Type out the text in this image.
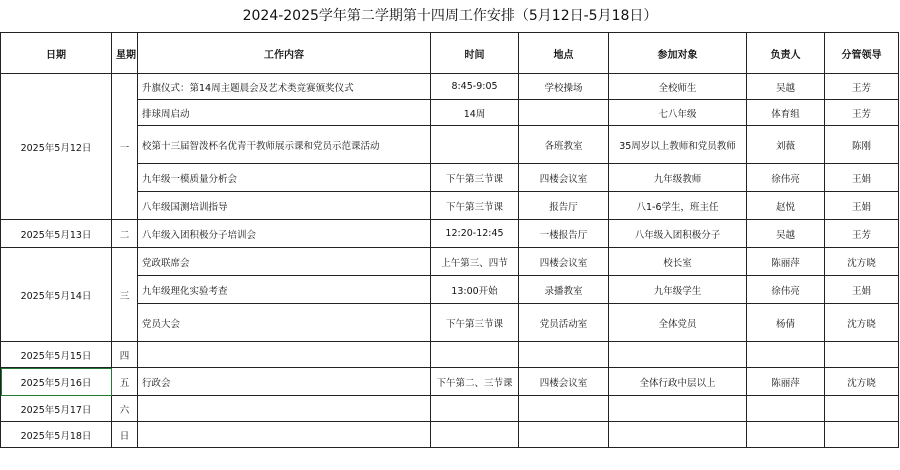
2024-2025学年第二学期第十四周工作安排（5月12日-5月18日）
日期	星期	工作内容	时间	地点	参加对象	负责人	分管领导
2025年5月12日	一	升旗仪式：第14周主题晨会及艺术类竞赛颁奖仪式	8:45-9:05	学校操场	全校师生	吴越	王芳
		排球周启动	14周		七八年级	体育组	王芳
		校第十三届智泼杯名优青干教师展示课和党员示范课活动		各班教室	35周岁以上教师和党员教师	刘薇	陈刚
		九年级一模质量分析会	下午第三节课	四楼会议室	九年级教师	徐伟亮	王娟
		八年级国测培训指导	下午第三节课	报告厅	八1-6学生，班主任	赵悦	王娟
2025年5月13日	二	八年级入团积极分子培训会	12:20-12:45	一楼报告厅	八年级入团积极分子	吴越	王芳
2025年5月14日	三	党政联席会	上午第三、四节	四楼会议室	校长室	陈丽萍	沈方晓
		九年级理化实验考查	13:00开始	录播教室	九年级学生	徐伟亮	王娟
		党员大会	下午第三节课	党员活动室	全体党员	杨倩	沈方晓
2025年5月15日	四						
2025年5月16日	五	行政会	下午第二、三节课	四楼会议室	全体行政中层以上	陈丽萍	沈方晓
2025年5月17日	六						
2025年5月18日	日						
